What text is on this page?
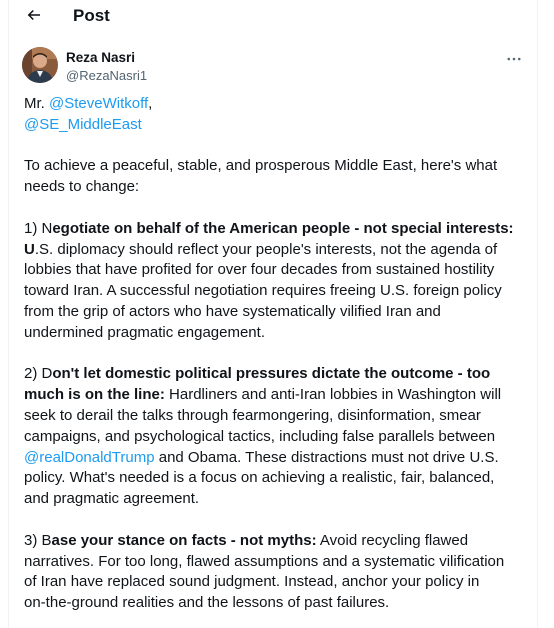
Post
Reza Nasri
@RezaNasri1
Mr. @SteveWitkoff,
@SE_MiddleEast
To achieve a peaceful, stable, and prosperous Middle East, here's what
needs to change:
1) Negotiate on behalf of the American people - not special interests:
U.S. diplomacy should reflect your people's interests, not the agenda of
lobbies that have profited for over four decades from sustained hostility
toward Iran. A successful negotiation requires freeing U.S. foreign policy
from the grip of actors who have systematically vilified Iran and
undermined pragmatic engagement.
2) Don't let domestic political pressures dictate the outcome - too
much is on the line: Hardliners and anti-Iran lobbies in Washington will
seek to derail the talks through fearmongering, disinformation, smear
campaigns, and psychological tactics, including false parallels between
@realDonaldTrump and Obama. These distractions must not drive U.S.
policy. What's needed is a focus on achieving a realistic, fair, balanced,
and pragmatic agreement.
3) Base your stance on facts - not myths: Avoid recycling flawed
narratives. For too long, flawed assumptions and a systematic vilification
of Iran have replaced sound judgment. Instead, anchor your policy in
on-the-ground realities and the lessons of past failures.
